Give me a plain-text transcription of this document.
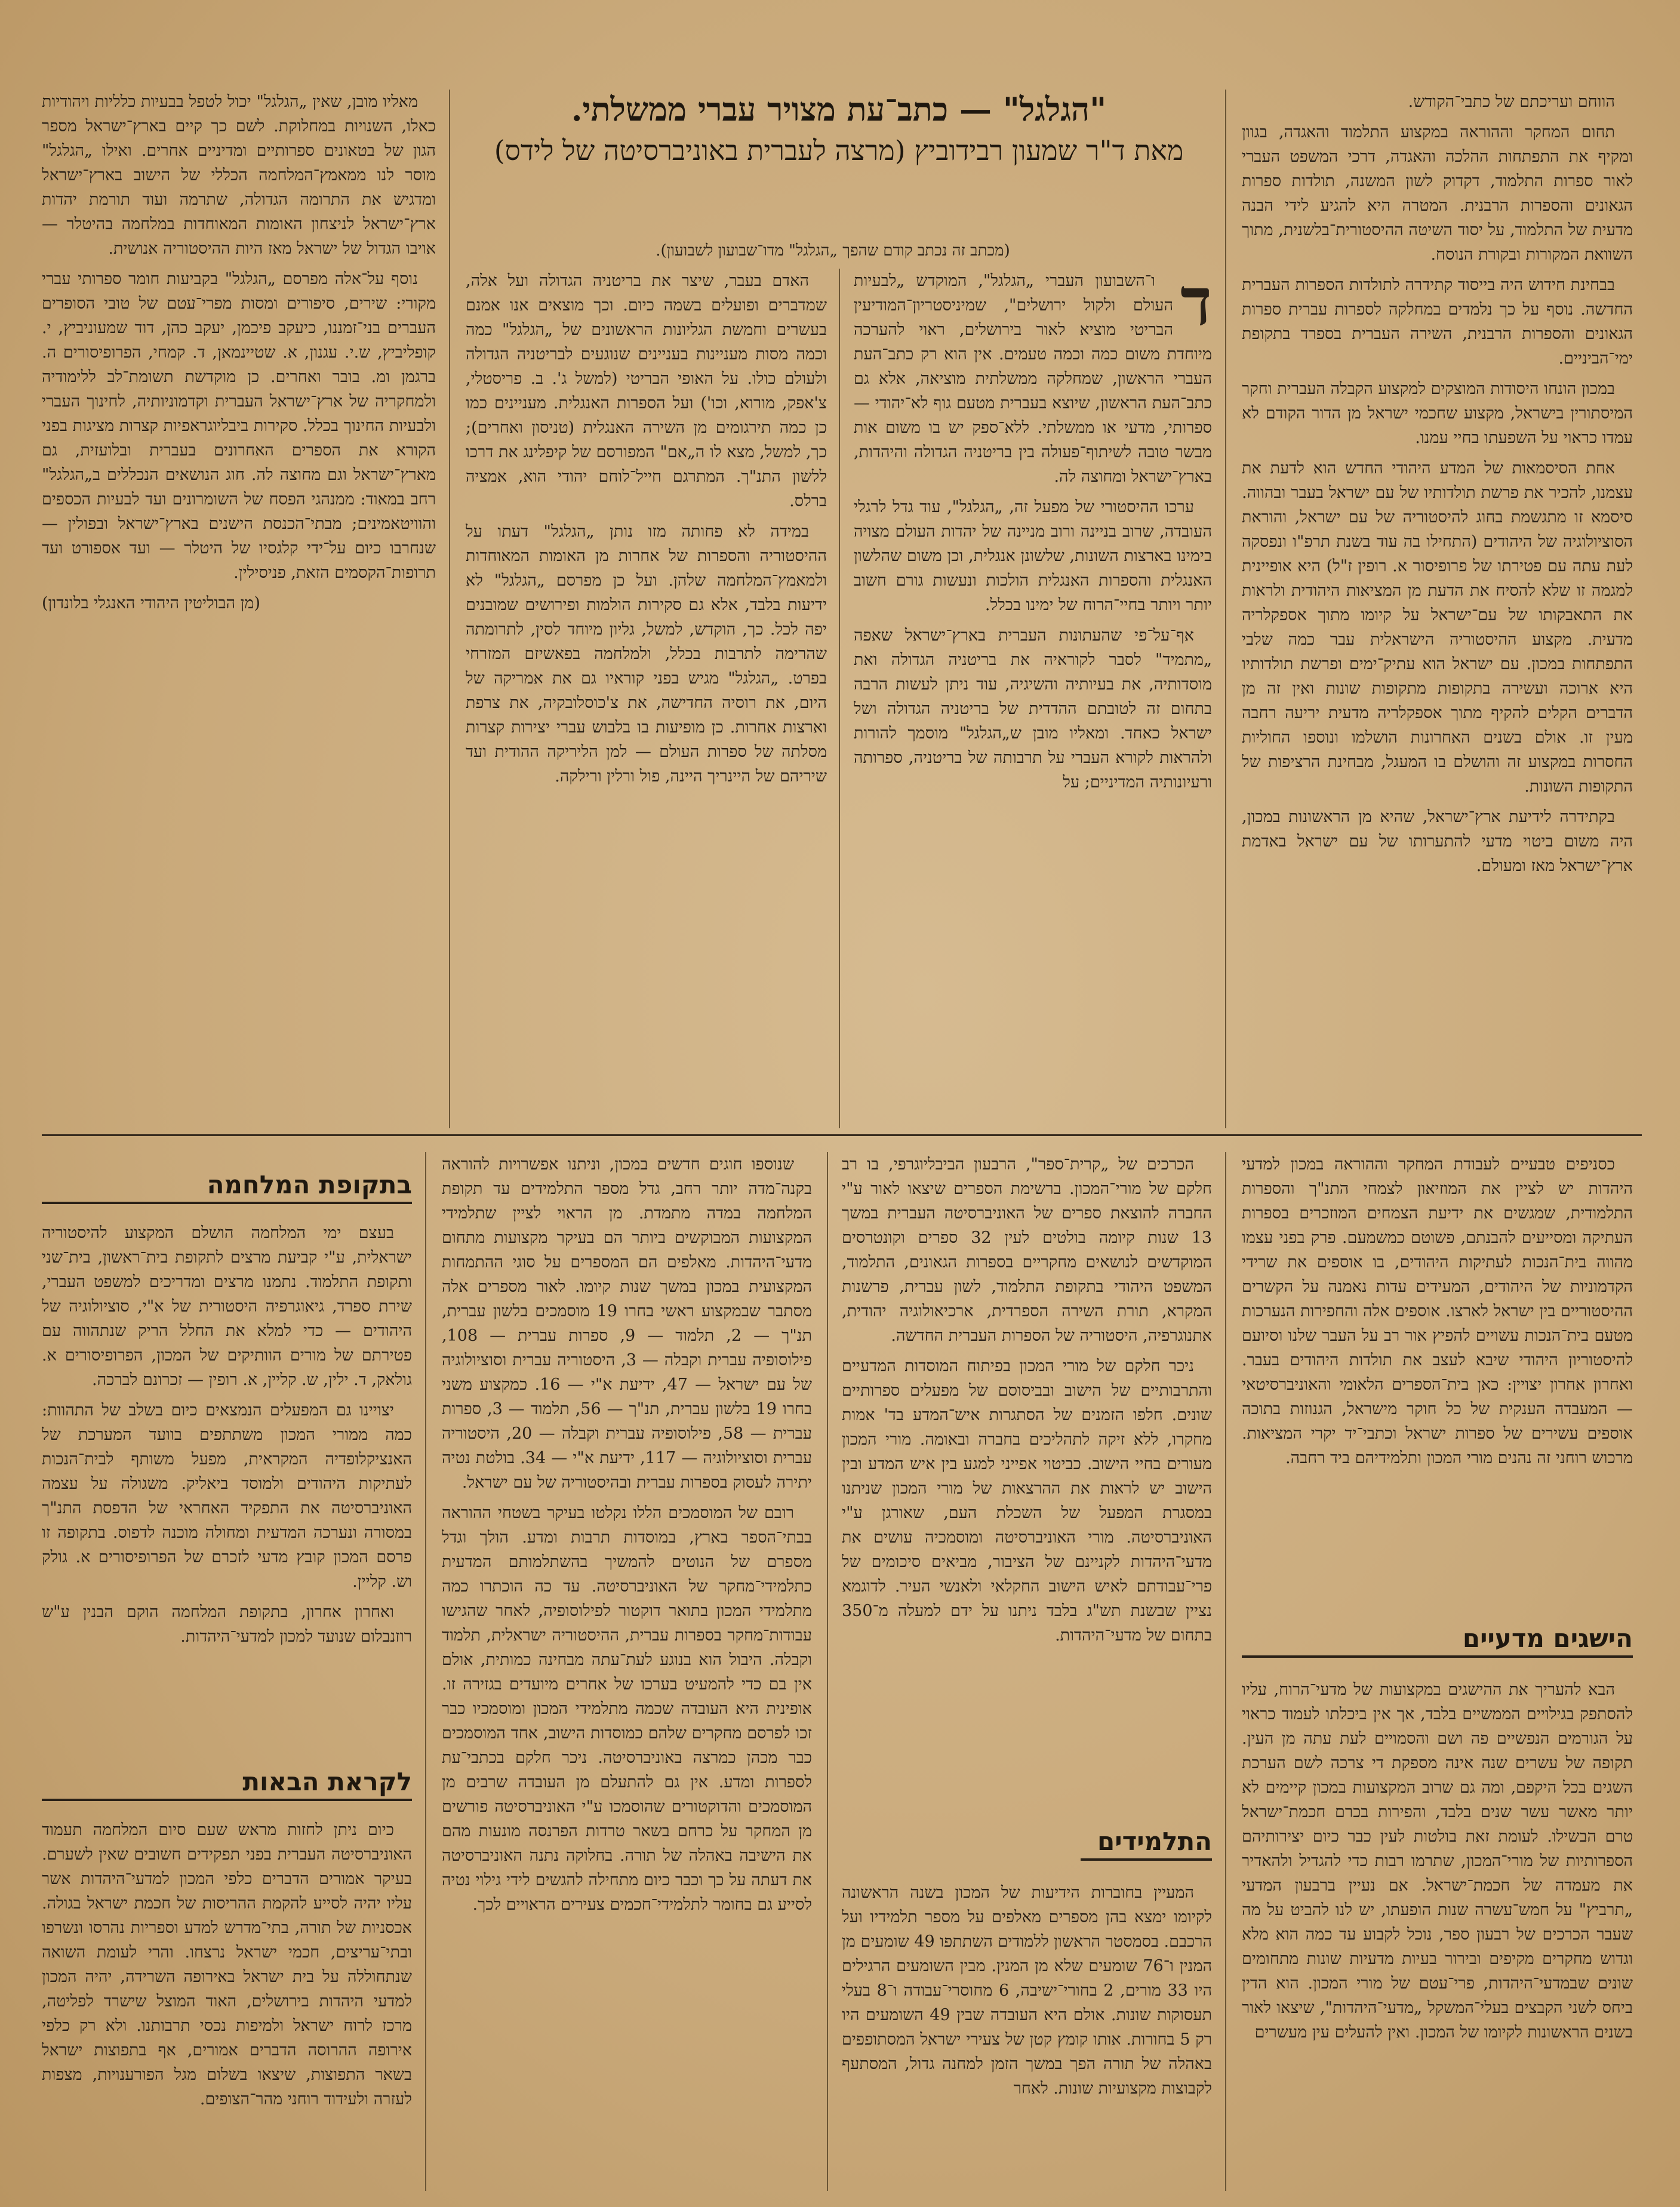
"הגלגל" — כתב־עת מצויר עברי ממשלתי.
מאת ד"ר שמעון רבידוביץ (מרצה לעברית באוניברסיטה של לידס)
(מכתב זה נכתב קודם שהפך „הגלגל" מדו־שבועון לשבועון).

הווחם ועריכתם של כתבי־הקודש.

תחום המחקר וההוראה במקצוע התלמוד והאגדה, בגוון ומקיף את התפתחות ההלכה והאגדה, דרכי המשפט העברי לאור ספרות התלמוד, דקדוק לשון המשנה, תולדות ספרות הגאונים והספרות הרבנית. המטרה היא להגיע לידי הבנה מדעית של התלמוד, על יסוד השיטה ההיסטורית־בלשנית, מתוך השוואת המקורות ובקורת הנוסח.

בבחינת חידוש היה בייסוד קתידרה לתולדות הספרות העברית החדשה. נוסף על כך נלמדים במחלקה לספרות עברית ספרות הגאונים והספרות הרבנית, השירה העברית בספרד בתקופת ימי־הביניים.

במכון הונחו היסודות המוצקים למקצוע הקבלה העברית וחקר המיסתורין בישראל, מקצוע שחכמי ישראל מן הדור הקודם לא עמדו כראוי על השפעתו בחיי עמנו.

אחת הסיסמאות של המדע היהודי החדש הוא לדעת את עצמנו, להכיר את פרשת תולדותיו של עם ישראל בעבר ובהווה. סיסמא זו מתגשמת בחוג להיסטוריה של עם ישראל, והוראת הסוציולוגיה של היהודים (התחילו בה עוד בשנת תרפ"ו ונפסקה לעת עתה עם פטירתו של פרופיסור א. רופין ז"ל) היא אופיינית למגמה זו שלא להסיח את הדעת מן המציאות היהודית ולראות את התאבקותו של עם־ישראל על קיומו מתוך אספקלריה מדעית. מקצוע ההיסטוריה הישראלית עבר כמה שלבי התפתחות במכון. עם ישראל הוא עתיק־ימים ופרשת תולדותיו היא ארוכה ועשירה בתקופות מתקופות שונות ואין זה מן הדברים הקלים להקיף מתוך אספקלריה מדעית יריעה רחבה מעין זו. אולם בשנים האחרונות הושלמו ונוספו החוליות החסרות במקצוע זה והושלם בו המעגל, מבחינת הרציפות של התקופות השונות.

בקתידרה לידיעת ארץ־ישראל, שהיא מן הראשונות במכון, היה משום ביטוי מדעי להתערותו של עם ישראל באדמת ארץ־ישראל מאז ומעולם.

ד

ו־השבועון העברי „הגלגל", המוקדש „לבעיות העולם ולקול ירושלים", שמיניסטריון־המודיעין הבריטי מוציא לאור בירושלים, ראוי להערכה מיוחדת משום כמה וכמה טעמים. אין הוא רק כתב־העת העברי הראשון, שמחלקה ממשלתית מוציאה, אלא גם כתב־העת הראשון, שיוצא בעברית מטעם גוף לא־יהודי — ספרותי, מדעי או ממשלתי. ללא־ספק יש בו משום אות מבשר טובה לשיתוף־פעולה בין בריטניה הגדולה והיהדות, בארץ־ישראל ומחוצה לה.

ערכו ההיסטורי של מפעל זה, „הגלגל", עוד גדל לרגלי העובדה, שרוב בניינה ורוב מניינה של יהדות העולם מצויה בימינו בארצות השונות, שלשונן אנגלית, וכן משום שהלשון האנגלית והספרות האנגלית הולכות ונעשות גורם חשוב יותר ויותר בחיי־הרוח של ימינו בכלל.

אף־על־פי שהעתונות העברית בארץ־ישראל שאפה „מתמיד" לסבר לקוראיה את בריטניה הגדולה ואת מוסדותיה, את בעיותיה והשיגיה, עוד ניתן לעשות הרבה בתחום זה לטובתם ההדדית של בריטניה הגדולה ושל ישראל כאחד. ומאליו מובן ש„הגלגל" מוסמך להורות ולהראות לקורא העברי על תרבותה של בריטניה, ספרותה ורעיונותיה המדיניים; על

האדם בעבר, שיצר את בריטניה הגדולה ועל אלה, שמדברים ופועלים בשמה כיום. וכך מוצאים אנו אמנם בעשרים וחמשת הגליונות הראשונים של „הגלגל" כמה וכמה מסות מעניינות בעניינים שנוגעים לבריטניה הגדולה ולעולם כולו. על האופי הבריטי (למשל ג'. ב. פריסטלי, צ'אפק, מורוא, וכו') ועל הספרות האנגלית. מעניינים כמו כן כמה תירגומים מן השירה האנגלית (טניסון ואחרים); כך, למשל, מצא לו ה„אם" המפורסם של קיפלינג את דרכו ללשון התנ"ך. המתרגם חייל־לוחם יהודי הוא, אמציה ברלס.

במידה לא פחותה מזו נותן „הגלגל" דעתו על ההיסטוריה והספרות של אחרות מן האומות המאוחדות ולמאמץ־המלחמה שלהן. ועל כן מפרסם „הגלגל" לא ידיעות בלבד, אלא גם סקירות הולמות ופירושים שמובנים יפה לכל. כך, הוקדש, למשל, גליון מיוחד לסין, לתרומתה שהרימה לתרבות בכלל, ולמלחמה בפאשיזם המזרחי בפרט. „הגלגל" מגיש בפני קוראיו גם את אמריקה של היום, את רוסיה החדישה, את צ'כוסלובקיה, את צרפת וארצות אחרות. כן מופיעות בו בלבוש עברי יצירות קצרות מסלתה של ספרות העולם — למן הליריקה ההודית ועד שיריהם של היינריך היינה, פול ורלין ורילקה.

מאליו מובן, שאין „הגלגל" יכול לטפל בבעיות כלליות ויהודיות כאלו, השנויות במחלוקת. לשם כך קיים בארץ־ישראל מספר הגון של בטאונים ספרותיים ומדיניים אחרים. ואילו „הגלגל" מוסר לנו ממאמץ־המלחמה הכללי של הישוב בארץ־ישראל ומדגיש את התרומה הגדולה, שתרמה ועוד תורמת יהדות ארץ־ישראל לניצחון האומות המאוחדות במלחמה בהיטלר — אויבו הגדול של ישראל מאז היות ההיסטוריה אנושית.

נוסף על־אלה מפרסם „הגלגל" בקביעות חומר ספרותי עברי מקורי: שירים, סיפורים ומסות מפרי־עטם של טובי הסופרים העברים בני־זמננו, כיעקב פיכמן, יעקב כהן, דוד שמעוניביץ, י. קופליביץ, ש.י. עגנון, א. שטיינמאן, ד. קמחי, הפרופיסורים ה. ברגמן ומ. בובר ואחרים. כן מוקדשת תשומת־לב ללימודיה ולמחקריה של ארץ־ישראל העברית וקדמוניותיה, לחינוך העברי ולבעיות החינוך בכלל. סקירות ביבליוגראפיות קצרות מציגות בפני הקורא את הספרים האחרונים בעברית ובלועזית, גם מארץ־ישראל וגם מחוצה לה. חוג הנושאים הנכללים ב„הגלגל" רחב במאוד: ממנהגי הפסח של השומרונים ועד לבעיות הכספים והוויטאמינים; מבתי־הכנסת הישנים בארץ־ישראל ובפולין — שנחרבו כיום על־ידי קלגסיו של היטלר — ועד אספורט ועד תרופות־הקסמים הזאת, פניסילין.

(מן הבוליטין היהודי האנגלי בלונדון)

כסניפים טבעיים לעבודת המחקר וההוראה במכון למדעי היהדות יש לציין את המוזיאון לצמחי התנ"ך והספרות התלמודית, שמגשים את ידיעת הצמחים המוזכרים בספרות העתיקה ומסייעים להבנתם, פשוטם כמשמעם. פרק בפני עצמו מהווה בית־הנכות לעתיקות היהודים, בו אוספים את שרידי הקדמוניות של היהודים, המעידים עדות נאמנה על הקשרים ההיסטוריים בין ישראל לארצו. אוספים אלה והחפירות הנערכות מטעם בית־הנכות עשויים להפיץ אור רב על העבר שלנו וסיועם להיסטוריון היהודי שיבא לעצב את תולדות היהודים בעבר. ואחרון אחרון יצויין: כאן בית־הספרים הלאומי והאוניברסיטאי — המעבדה הענקית של כל חוקר מישראל, הגנוזות בתוכה אוספים עשירים של ספרות ישראל וכתבי־יד יקרי המציאות. מרכוש רוחני זה נהנים מורי המכון ותלמידיהם ביד רחבה.

הישגים מדעיים

הבא להעריך את ההישגים במקצועות של מדעי־הרוח, עליו להסתפק בגילויים הממשיים בלבד, אך אין ביכלתו לעמוד כראוי על הגורמים הנפשיים פה ושם והסמויים לעת עתה מן העין. תקופה של עשרים שנה אינה מספקת די צרכה לשם הערכת השגים בכל היקפם, ומה גם שרוב המקצועות במכון קיימים לא יותר מאשר עשר שנים בלבד, והפירות בכרם חכמת־ישראל טרם הבשילו. לעומת זאת בולטות לעין כבר כיום יצירותיהם הספרותיות של מורי־המכון, שתרמו רבות כדי להגדיל ולהאדיר את מעמדה של חכמת־ישראל. אם נעיין ברבעון המדעי „תרביץ" על חמש־עשרה שנות הופעתו, יש לנו להביט על מה שעבר הכרכים של רבעון ספר, נוכל לקבוע עד כמה הוא מלא וגדוש מחקרים מקיפים ובירור בעיות מדעיות שונות מתחומים שונים שבמדעי־היהדות, פרי־עטם של מורי המכון. הוא הדין ביחס לשני הקבצים בעלי־המשקל „מדעי־היהדות", שיצאו לאור בשנים הראשונות לקיומו של המכון. ואין להעלים עין מעשרים

הכרכים של „קרית־ספר", הרבעון הביבליוגרפי, בו רב חלקם של מורי־המכון. ברשימת הספרים שיצאו לאור ע"י החברה להוצאת ספרים של האוניברסיטה העברית במשך 13 שנות קיומה בולטים לעין 32 ספרים וקונטרסים המוקדשים לנושאים מחקריים בספרות הגאונים, התלמוד, המשפט היהודי בתקופת התלמוד, לשון עברית, פרשנות המקרא, תורת השירה הספרדית, ארכיאולוגיה יהודית, אתנוגרפיה, היסטוריה של הספרות העברית החדשה.

ניכר חלקם של מורי המכון בפיתוח המוסדות המדעיים והתרבותיים של הישוב ובביסוסם של מפעלים ספרותיים שונים. חלפו הזמנים של הסתגרות איש־המדע בד' אמות מחקרו, ללא זיקה לתהליכים בחברה ובאומה. מורי המכון מעורים בחיי הישוב. כביטוי אפייני למגע בין איש המדע ובין הישוב יש לראות את ההרצאות של מורי המכון שניתנו במסגרת המפעל של השכלת העם, שאורגן ע"י האוניברסיטה. מורי האוניברסיטה ומוסמכיה עושים את מדעי־היהדות לקניינם של הציבור, מביאים סיכומים של פרי־עבודתם לאיש הישוב החקלאי ולאנשי העיר. לדוגמא נציין שבשנת תש"ג בלבד ניתנו על ידם למעלה מ־350 בתחום של מדעי־היהדות.

התלמידים

המעיין בחוברות הידיעות של המכון בשנה הראשונה לקיומו ימצא בהן מספרים מאלפים על מספר תלמידיו ועל הרכבם. בסמסטר הראשון ללמודים השתתפו 49 שומעים מן המנין ו־76 שומעים שלא מן המנין. מבין השומעים הרגילים היו 33 מורים, 2 בחורי־ישיבה, 6 מחוסרי־עבודה ו־8 בעלי תעסוקות שונות. אולם היא העובדה שבין 49 השומעים היו רק 5 בחורות. אותו קומץ קטן של צעירי ישראל המסתופפים באהלה של תורה הפך במשך הזמן למחנה גדול, המסתעף לקבוצות מקצועיות שונות. לאחר

שנוספו חוגים חדשים במכון, וניתנו אפשרויות להוראה בקנה־מדה יותר רחב, גדל מספר התלמידים עד תקופת המלחמה במדה מתמדת. מן הראוי לציין שתלמידי המקצועות המבוקשים ביותר הם בעיקר מקצועות מתחום מדעי־היהדות. מאלפים הם המספרים על סוגי ההתמחות המקצועית במכון במשך שנות קיומו. לאור מספרים אלה מסתבר שבמקצוע ראשי בחרו 19 מוסמכים בלשון עברית, תנ"ך — 2, תלמוד — 9, ספרות עברית — 108, פילוסופיה עברית וקבלה — 3, היסטוריה עברית וסוציולוגיה של עם ישראל — 47, ידיעת א"י — 16. כמקצוע משני בחרו 19 בלשון עברית, תנ"ך — 56, תלמוד — 3, ספרות עברית — 58, פילוסופיה עברית וקבלה — 20, היסטוריה עברית וסוציולוגיה — 117, ידיעת א"י — 34. בולטת נטיה יתירה לעסוק בספרות עברית ובהיסטוריה של עם ישראל.

רובם של המוסמכים הללו נקלטו בעיקר בשטחי ההוראה בבתי־הספר בארץ, במוסדות תרבות ומדע. הולך וגדל מספרם של הנוטים להמשיך בהשתלמותם המדעית כתלמידי־מחקר של האוניברסיטה. עד כה הוכתרו כמה מתלמידי המכון בתואר דוקטור לפילוסופיה, לאחר שהגישו עבודות־מחקר בספרות עברית, ההיסטוריה ישראלית, תלמוד וקבלה. היבול הוא בנוגע לעת־עתה מבחינה כמותית, אולם אין בם כדי להמעיט בערכו של אחרים מיועדים בגזירה זו. אופינית היא העובדה שכמה מתלמידי המכון ומוסמכיו כבר זכו לפרסם מחקרים שלהם כמוסדות הישוב, אחד המוסמכים כבר מכהן כמרצה באוניברסיטה. ניכר חלקם בכתבי־עת לספרות ומדע. אין גם להתעלם מן העובדה שרבים מן המוסמכים והדוקטורים שהוסמכו ע"י האוניברסיטה פורשים מן המחקר על כרחם בשאר טרדות הפרנסה מונעות מהם את הישיבה באהלה של תורה. בחלוקה נתנה האוניברסיטה את דעתה על כך וכבר כיום מתחילה להגשים לידי גילוי נטיה לסייע גם בחומר לתלמידי־חכמים צעירים הראויים לכך.

בתקופת המלחמה

בעצם ימי המלחמה הושלם המקצוע להיסטוריה ישראלית, ע"י קביעת מרצים לתקופת בית־ראשון, בית־שני ותקופת התלמוד. נתמנו מרצים ומדריכים למשפט העברי, שירת ספרד, גיאוגרפיה היסטורית של א"י, סוציולוגיה של היהודים — כדי למלא את החלל הריק שנתהווה עם פטירתם של מורים הוותיקים של המכון, הפרופיסורים א. גולאק, ד. ילין, ש. קליין, א. רופין — זכרונם לברכה.

יצויינו גם המפעלים הנמצאים כיום בשלב של התהוות: כמה ממורי המכון משתתפים בוועד המערכת של האנציקלופדיה המקראית, מפעל משותף לבית־הנכות לעתיקות היהודים ולמוסד ביאליק. משגולה על עצמה האוניברסיטה את התפקיד האחראי של הדפסת התנ"ך במסורה ונערכה המדעית ומחולה מוכנה לדפוס. בתקופה זו פרסם המכון קובץ מדעי לזכרם של הפרופיסורים א. גולק וש. קליין.

ואחרון אחרון, בתקופת המלחמה הוקם הבנין ע"ש רוזנבלום שנועד למכון למדעי־היהדות.

לקראת הבאות

כיום ניתן לחזות מראש שעם סיום המלחמה תעמוד האוניברסיטה העברית בפני תפקידים חשובים שאין לשערם. בעיקר אמורים הדברים כלפי המכון למדעי־היהדות אשר עליו יהיה לסייע להקמת ההריסות של חכמת ישראל בגולה. אכסניות של תורה, בתי־מדרש למדע וספריות נהרסו ונשרפו ובתי־עריצים, חכמי ישראל נרצחו. והרי לעומת השואה שנתחוללה על בית ישראל באירופה השרידה, יהיה המכון למדעי היהדות בירושלים, האוד המוצל שישרד לפליטה, מרכז לרוח ישראל ולמיפות נכסי תרבותנו. ולא רק כלפי אירופה ההרוסה הדברים אמורים, אף בתפוצות ישראל בשאר התפוצות, שיצאו בשלום מגל הפורענויות, מצפות לעזרה ולעידוד רוחני מהר־הצופים.
